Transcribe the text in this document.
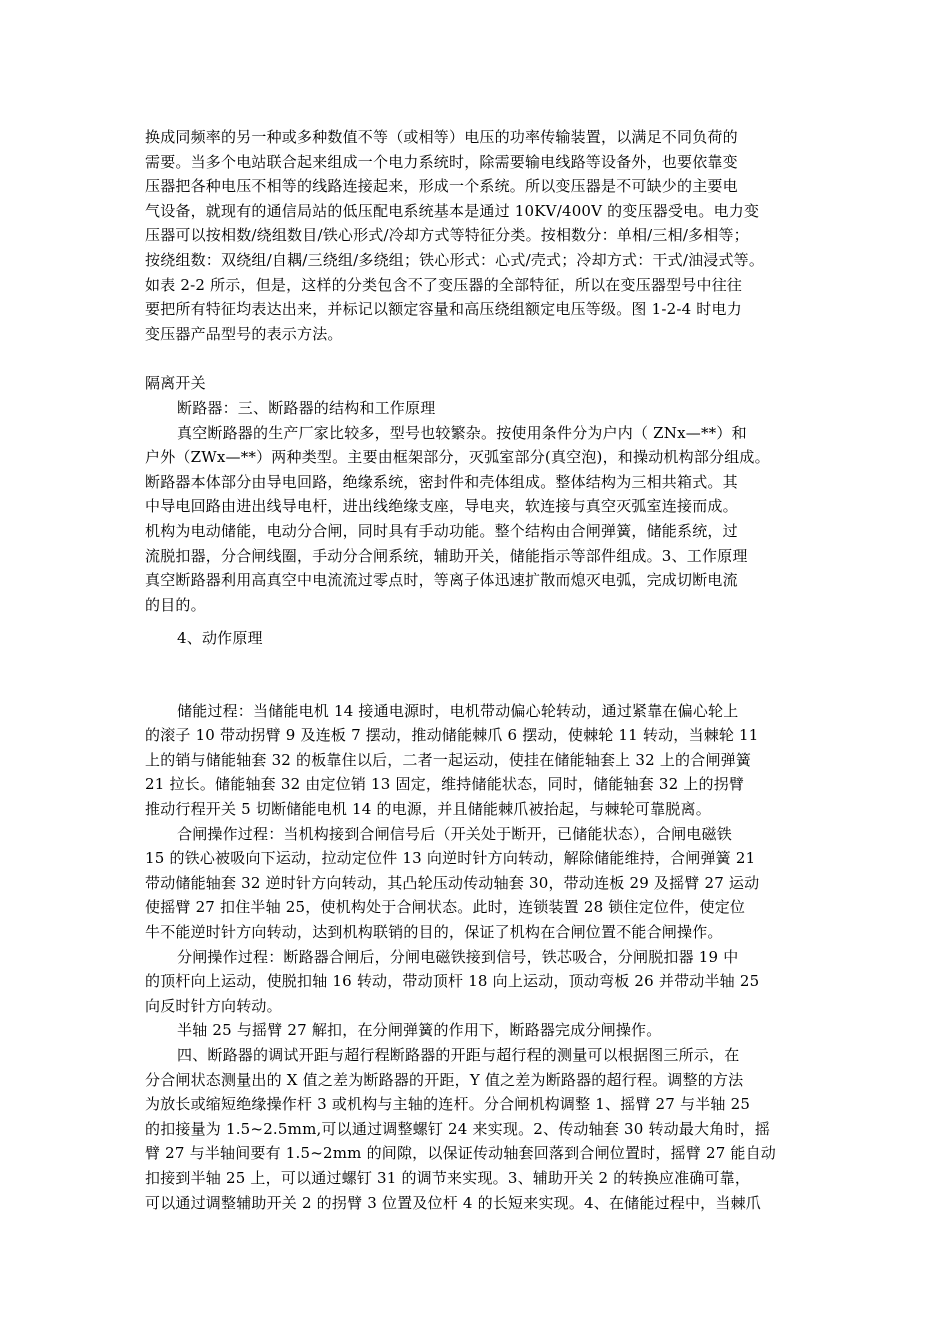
换成同频率的另一种或多种数值不等（或相等）电压的功率传输装置，以满足不同负荷的
需要。当多个电站联合起来组成一个电力系统时，除需要输电线路等设备外，也要依靠变
压器把各种电压不相等的线路连接起来，形成一个系统。所以变压器是不可缺少的主要电
气设备，就现有的通信局站的低压配电系统基本是通过 10KV/400V 的变压器受电。电力变
压器可以按相数/绕组数目/铁心形式/冷却方式等特征分类。按相数分：单相/三相/多相等；
按绕组数：双绕组/自耦/三绕组/多绕组；铁心形式：心式/壳式；冷却方式：干式/油浸式等。
如表 2-2 所示，但是，这样的分类包含不了变压器的全部特征，所以在变压器型号中往往
要把所有特征均表达出来，并标记以额定容量和高压绕组额定电压等级。图 1-2-4 时电力
变压器产品型号的表示方法。
隔离开关
断路器：三、断路器的结构和工作原理
真空断路器的生产厂家比较多，型号也较繁杂。按使用条件分为户内（ ZNx—**）和
户外（ZWx—**）两种类型。主要由框架部分，灭弧室部分(真空泡)，和操动机构部分组成。
断路器本体部分由导电回路，绝缘系统，密封件和壳体组成。整体结构为三相共箱式。其
中导电回路由进出线导电杆，进出线绝缘支座，导电夹，软连接与真空灭弧室连接而成。
机构为电动储能，电动分合闸，同时具有手动功能。整个结构由合闸弹簧，储能系统，过
流脱扣器，分合闸线圈，手动分合闸系统，辅助开关，储能指示等部件组成。3、工作原理
真空断路器利用高真空中电流流过零点时，等离子体迅速扩散而熄灭电弧，完成切断电流
的目的。
4、动作原理
储能过程：当储能电机 14 接通电源时，电机带动偏心轮转动，通过紧靠在偏心轮上
的滚子 10 带动拐臂 9 及连板 7 摆动，推动储能棘爪 6 摆动，使棘轮 11 转动，当棘轮 11
上的销与储能轴套 32 的板靠住以后，二者一起运动，使挂在储能轴套上 32 上的合闸弹簧
21 拉长。储能轴套 32 由定位销 13 固定，维持储能状态，同时，储能轴套 32 上的拐臂
推动行程开关 5 切断储能电机 14 的电源，并且储能棘爪被抬起，与棘轮可靠脱离。
合闸操作过程：当机构接到合闸信号后（开关处于断开，已储能状态），合闸电磁铁
15 的铁心被吸向下运动，拉动定位件 13 向逆时针方向转动，解除储能维持，合闸弹簧 21
带动储能轴套 32 逆时针方向转动，其凸轮压动传动轴套 30，带动连板 29 及摇臂 27 运动
使摇臂 27 扣住半轴 25，使机构处于合闸状态。此时，连锁装置 28 锁住定位件，使定位
牛不能逆时针方向转动，达到机构联销的目的，保证了机构在合闸位置不能合闸操作。
分闸操作过程：断路器合闸后，分闸电磁铁接到信号，铁芯吸合，分闸脱扣器 19 中
的顶杆向上运动，使脱扣轴 16 转动，带动顶杆 18 向上运动，顶动弯板 26 并带动半轴 25
向反时针方向转动。
半轴 25 与摇臂 27 解扣，在分闸弹簧的作用下，断路器完成分闸操作。
四、断路器的调试开距与超行程断路器的开距与超行程的测量可以根据图三所示，在
分合闸状态测量出的 X 值之差为断路器的开距，Y 值之差为断路器的超行程。调整的方法
为放长或缩短绝缘操作杆 3 或机构与主轴的连杆。分合闸机构调整 1、摇臂 27 与半轴 25
的扣接量为 1.5~2.5mm,可以通过调整螺钉 24 来实现。2、传动轴套 30 转动最大角时，摇
臂 27 与半轴间要有 1.5~2mm 的间隙，以保证传动轴套回落到合闸位置时，摇臂 27 能自动
扣接到半轴 25 上，可以通过螺钉 31 的调节来实现。3、辅助开关 2 的转换应准确可靠，
可以通过调整辅助开关 2 的拐臂 3 位置及位杆 4 的长短来实现。4、在储能过程中，当棘爪
